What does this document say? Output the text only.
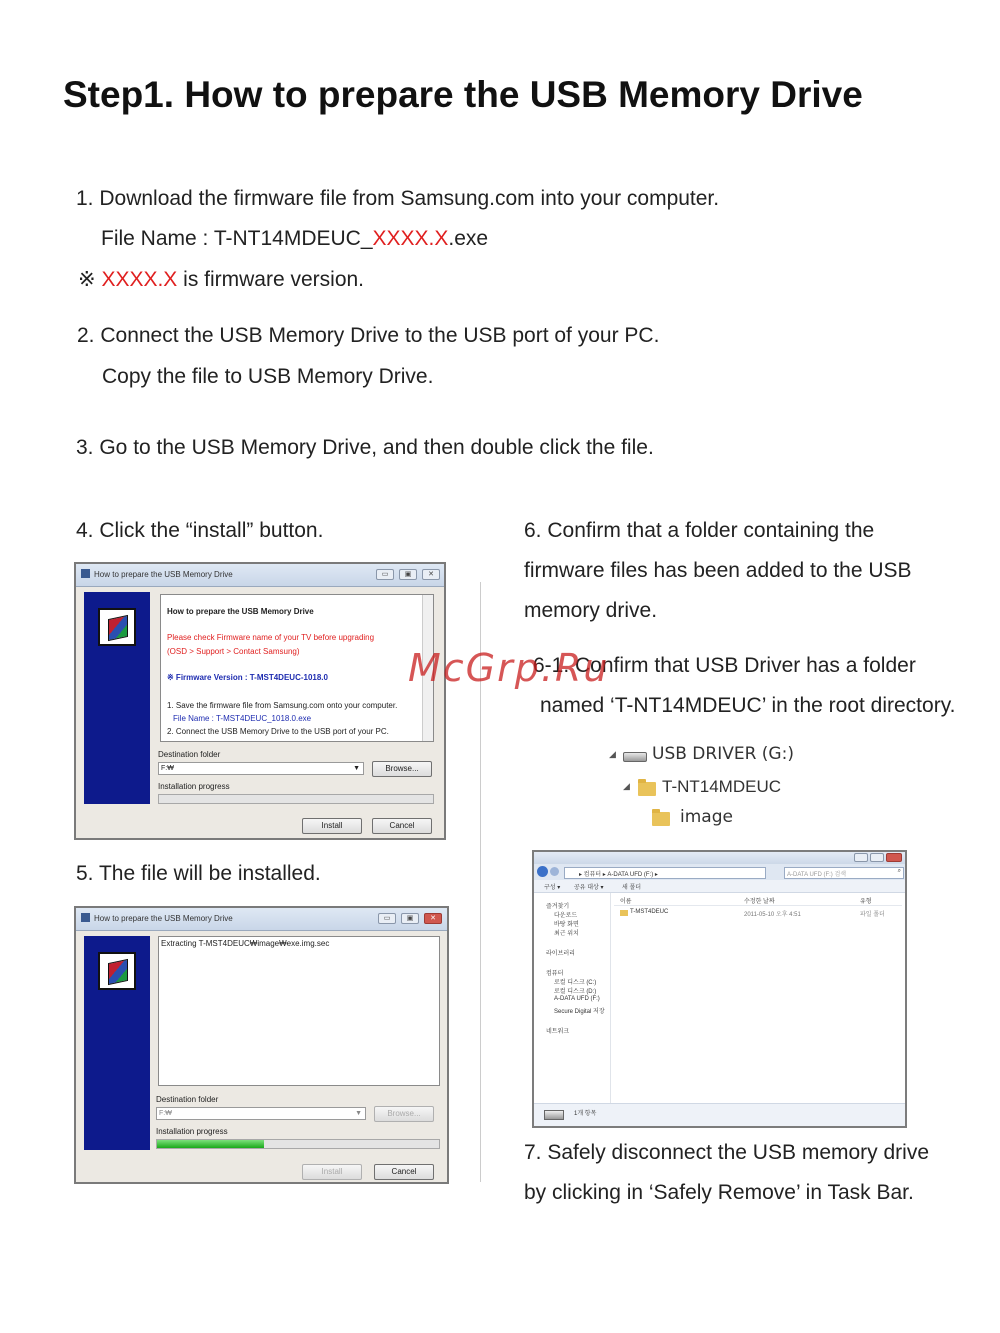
Step1. How to prepare the USB Memory Drive
1. Download the firmware file from Samsung.com into your computer.
File Name : T-NT14MDEUC_XXXX.X.exe
※ XXXX.X is firmware version.
2. Connect the USB Memory Drive to the USB port of your PC.
Copy the file to USB Memory Drive.
3. Go to the USB Memory Drive, and then double click the file.
4. Click the “install” button.
How to prepare the USB Memory Drive	▭	▣	✕
How to prepare the USB Memory Drive
Please check Firmware name of your TV before upgrading
(OSD > Support > Contact Samsung)
※ Firmware Version : T-MST4DEUC-1018.0
1. Save the firmware file from Samsung.com onto your computer.
File Name : T-MST4DEUC_1018.0.exe
2. Connect the USB Memory Drive to the USB port of your PC.
Destination folder
F:₩	▼	Browse...
Installation progress
Install	Cancel
5. The file will be installed.
How to prepare the USB Memory Drive	▭	▣	✕
Extracting T-MST4DEUC₩image₩exe.img.sec
Destination folder
F:₩	▼	Browse...
Installation progress
Install	Cancel
6. Confirm that a folder containing the
firmware files has been added to the USB
memory drive.
6-1. Confirm that USB Driver has a folder
named ‘T-NT14MDEUC’ in the root directory.
McGrp.Ru
◢ USB DRIVER (G:)
◢ T-NT14MDEUC
image
▸ 컴퓨터 ▸ A-DATA UFD (F:) ▸	A-DATA UFD (F:) 검색
⌕
구성 ▾ 공유 대상 ▾	새 폴더
즐겨찾기
다운로드
바탕 화면
최근 위치
라이브러리
컴퓨터
로컬 디스크 (C:)
로컬 디스크 (D:)
A-DATA UFD (F:)
Secure Digital 저장
네트워크
이름	수정한 날짜	유형
T-MST4DEUC	2011-05-10 오후 4:51	파일 폴더
1개 항목
7. Safely disconnect the USB memory drive
by clicking in ‘Safely Remove’ in Task Bar.
